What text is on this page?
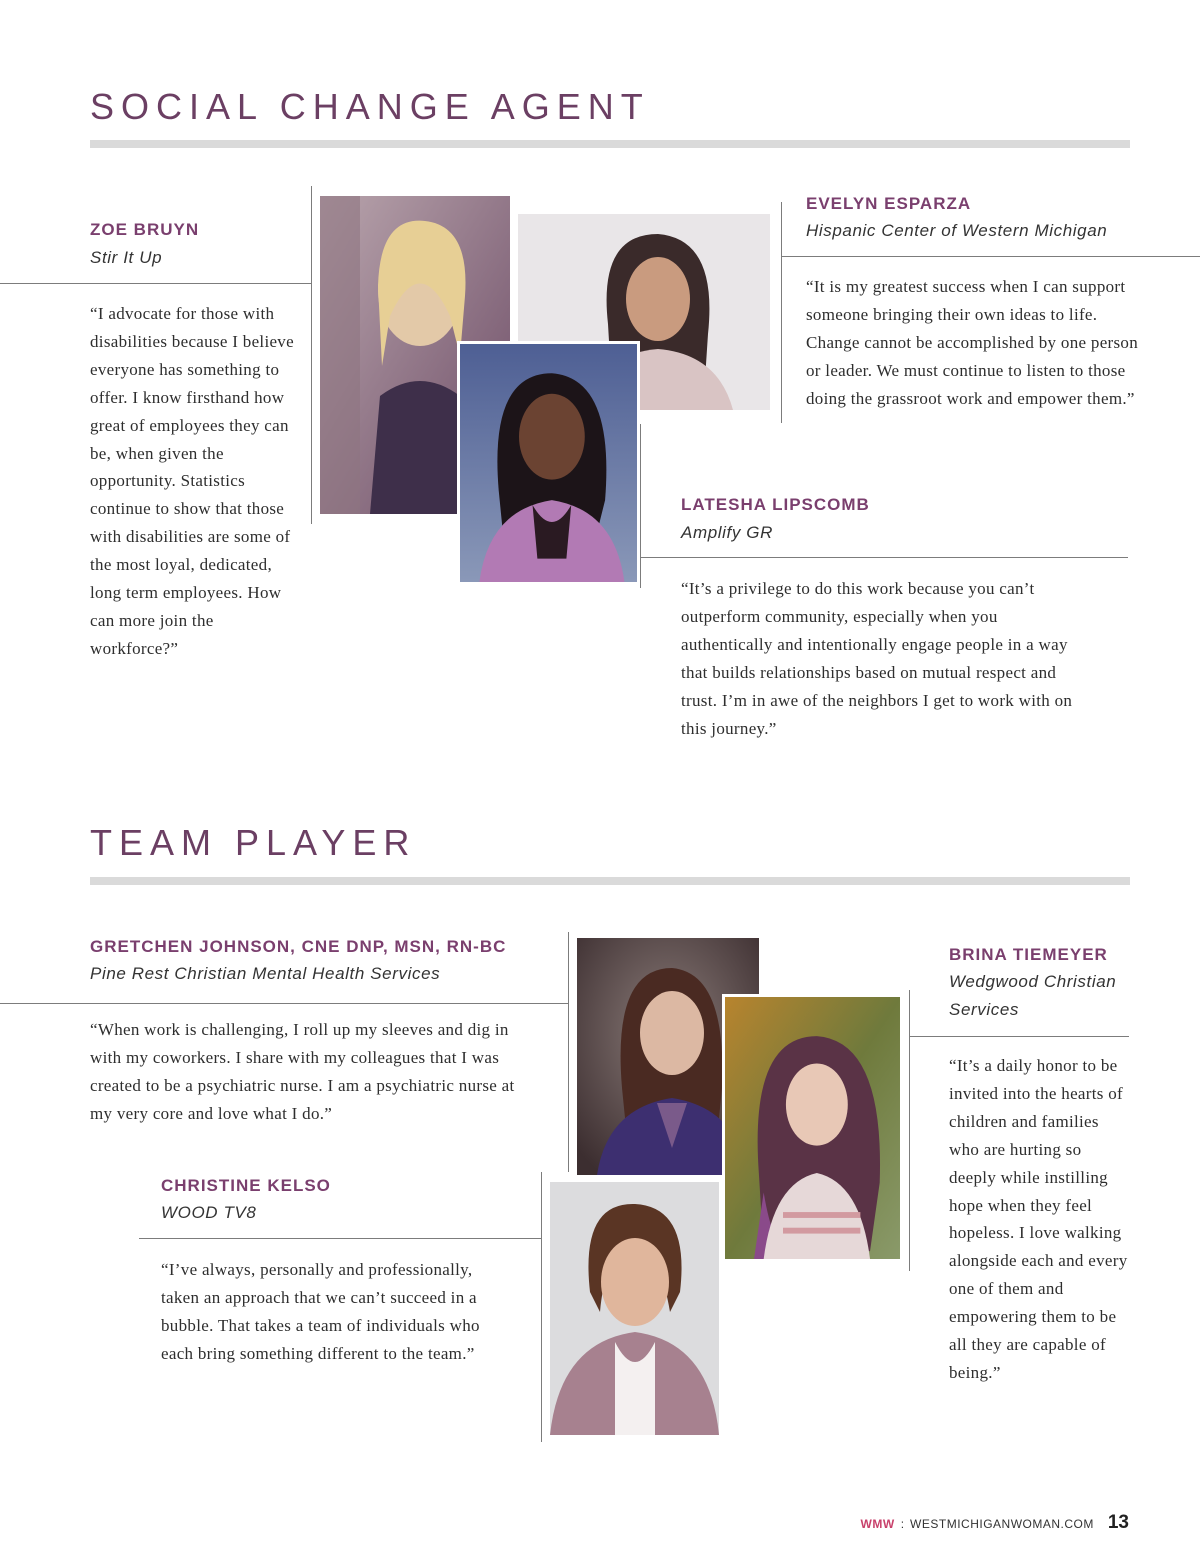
SOCIAL CHANGE AGENT
ZOE BRUYN
Stir It Up
“I advocate for those with disabilities because I believe everyone has something to offer. I know firsthand how great of employees they can be, when given the opportunity. Statistics continue to show that those with disabilities are some of the most loyal, dedicated, long term employees. How can more join the workforce?”
EVELYN ESPARZA
Hispanic Center of Western Michigan
“It is my greatest success when I can support someone bringing their own ideas to life. Change cannot be accomplished by one person or leader. We must continue to listen to those doing the grassroot work and empower them.”
LATESHA LIPSCOMB
Amplify GR
“It’s a privilege to do this work because you can’t outperform community, especially when you authentically and intentionally engage people in a way that builds relationships based on mutual respect and trust. I’m in awe of the neighbors I get to work with on this journey.”
TEAM PLAYER
GRETCHEN JOHNSON, CNE DNP, MSN, RN-BC
Pine Rest Christian Mental Health Services
“When work is challenging, I roll up my sleeves and dig in with my coworkers. I share with my colleagues that I was created to be a psychiatric nurse. I am a psychiatric nurse at my very core and love what I do.”
BRINA TIEMEYER
Wedgwood Christian Services
“It’s a daily honor to be invited into the hearts of children and families who are hurting so deeply while instilling hope when they feel hopeless. I love walking alongside each and every one of them and empowering them to be all they are capable of being.”
CHRISTINE KELSO
WOOD TV8
“I’ve always, personally and professionally, taken an approach that we can’t succeed in a bubble. That takes a team of individuals who each bring something different to the team.”
WMW : WESTMICHIGANWOMAN.COM 13
